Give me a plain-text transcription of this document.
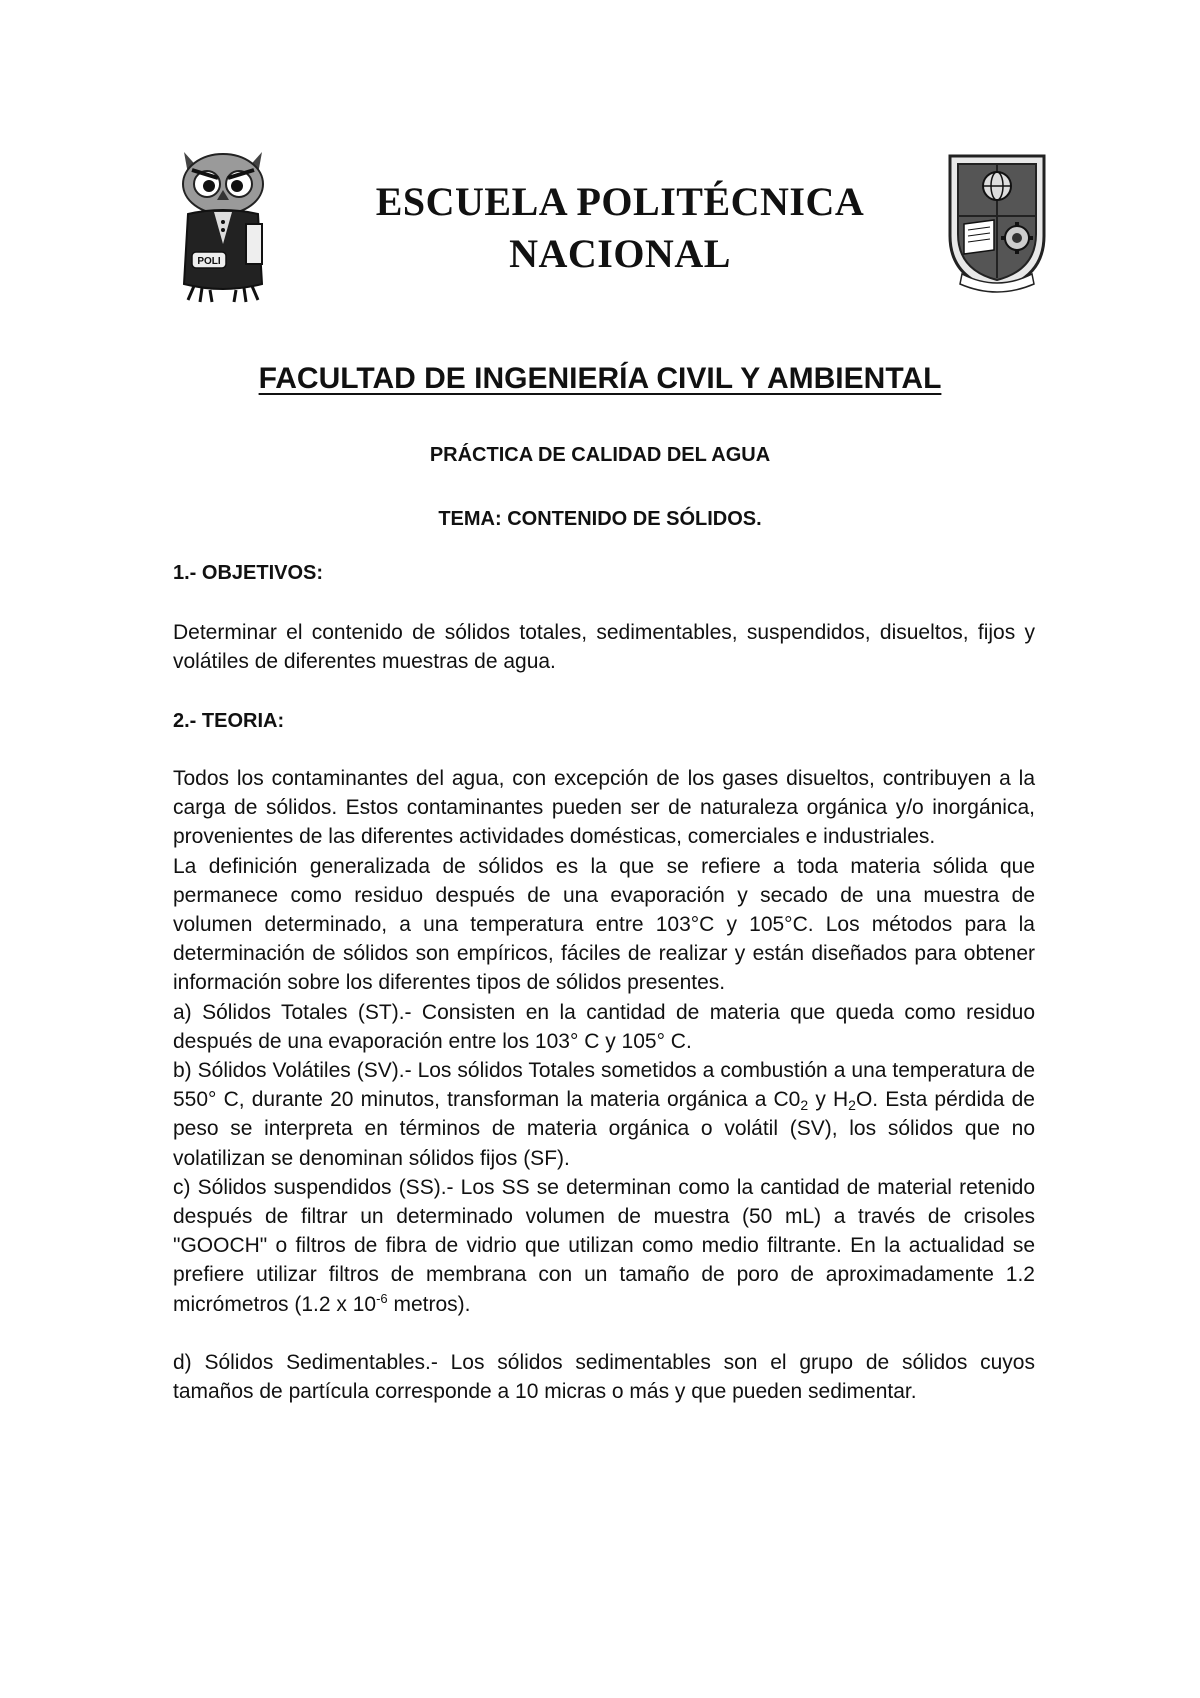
POLI
ESCUELA POLITÉCNICA
NACIONAL
FACULTAD DE INGENIERÍA CIVIL Y AMBIENTAL
PRÁCTICA DE CALIDAD DEL AGUA
TEMA: CONTENIDO DE SÓLIDOS.
1.- OBJETIVOS:
Determinar el contenido de sólidos totales, sedimentables, suspendidos, disueltos, fijos y volátiles de diferentes muestras de agua.
2.- TEORIA:

Todos los contaminantes del agua, con excepción de los gases disueltos, contribuyen a la carga de sólidos. Estos contaminantes pueden ser de naturaleza orgánica y/o inorgánica, provenientes de las diferentes actividades domésticas, comerciales e industriales.

La definición generalizada de sólidos es la que se refiere a toda materia sólida que permanece como residuo después de una evaporación y secado de una muestra de volumen determinado, a una temperatura entre 103°C y 105°C. Los métodos para la determinación de sólidos son empíricos, fáciles de realizar y están diseñados para obtener información sobre los diferentes tipos de sólidos presentes.

a) Sólidos Totales (ST).- Consisten en la cantidad de materia que queda como residuo después de una evaporación entre los 103° C y 105° C.

b) Sólidos Volátiles (SV).- Los sólidos Totales sometidos a combustión a una temperatura de 550° C, durante 20 minutos, transforman la materia orgánica a $C0_2$ y $H_2O$. Esta pérdida de peso se interpreta en términos de materia orgánica o volátil (SV), los sólidos que no volatilizan se denominan sólidos fijos (SF).

c) Sólidos suspendidos (SS).- Los SS se determinan como la cantidad de material retenido después de filtrar un determinado volumen de muestra (50 mL) a través de crisoles "GOOCH" o filtros de fibra de vidrio que utilizan como medio filtrante. En la actualidad se prefiere utilizar filtros de membrana con un tamaño de poro de aproximadamente 1.2 micrómetros (1.2 x $10^{-6}$ metros).

d) Sólidos Sedimentables.- Los sólidos sedimentables son el grupo de sólidos cuyos tamaños de partícula corresponde a 10 micras o más y que pueden sedimentar.
